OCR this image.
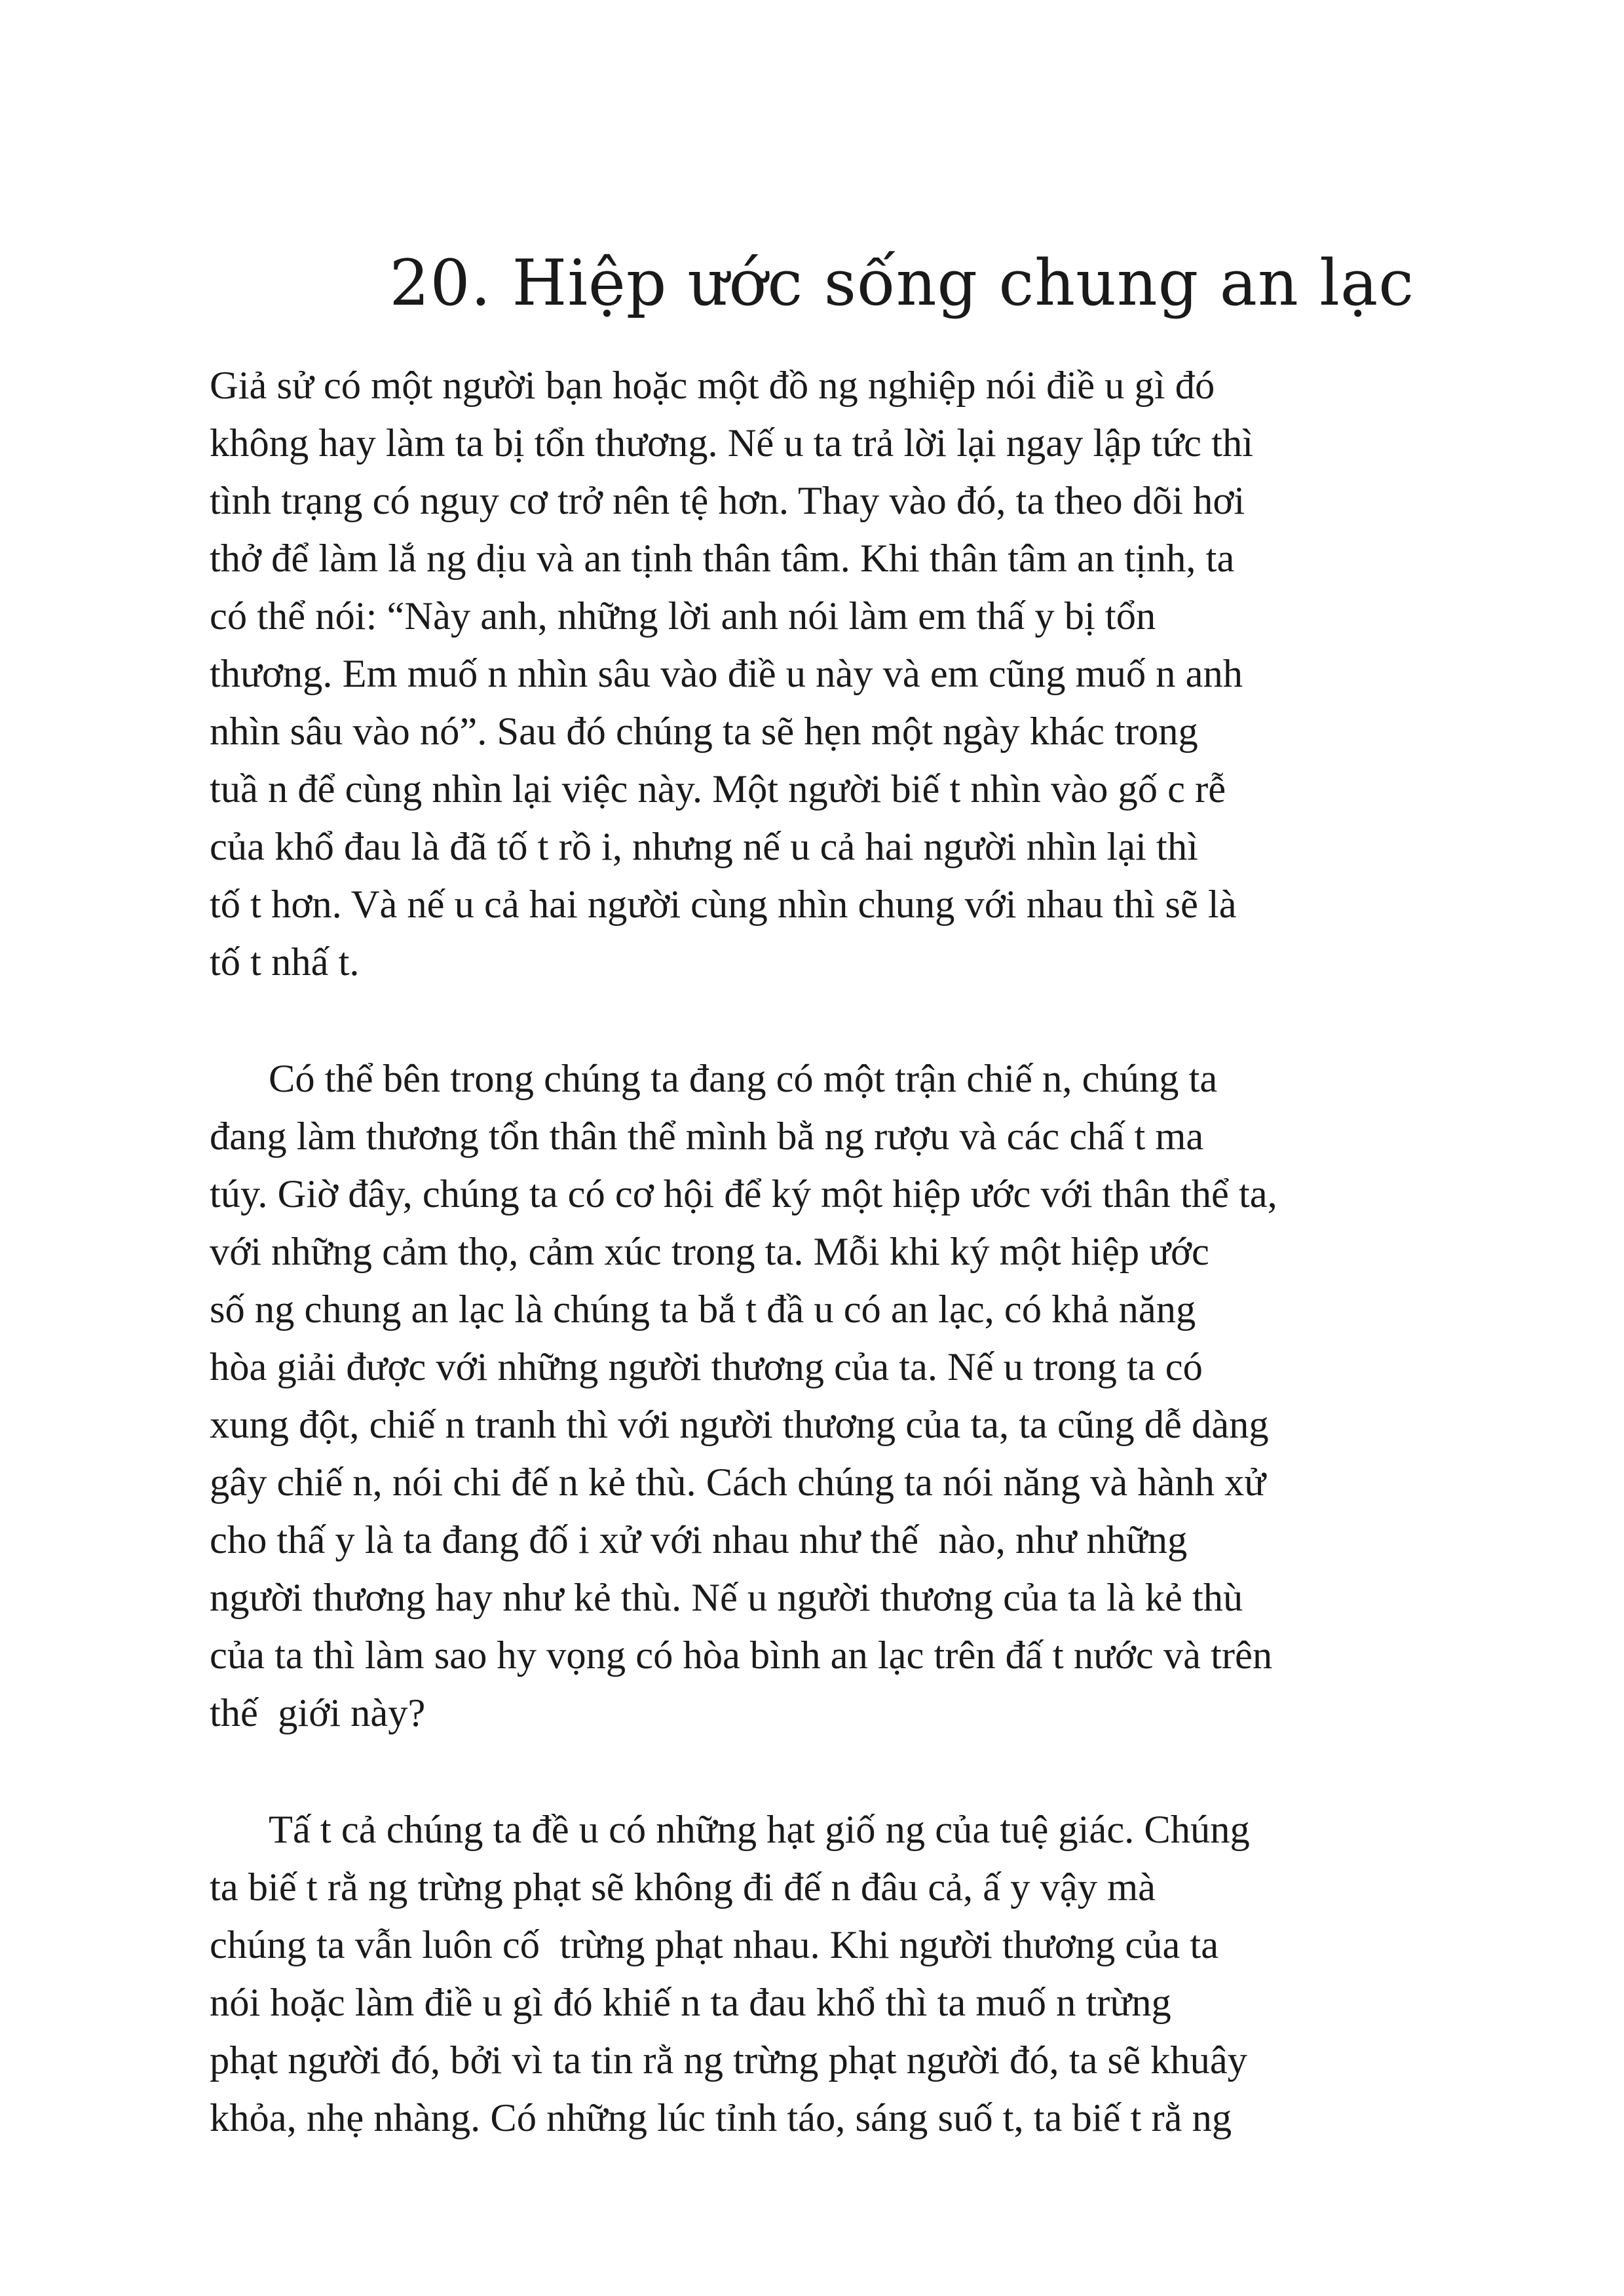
20. Hiệp ước sống chung an lạc
Giả sử có một người bạn hoặc một đồ ng nghiệp nói điề u gì đó
không hay làm ta bị tổn thương. Nế u ta trả lời lại ngay lập tức thì
tình trạng có nguy cơ trở nên tệ hơn. Thay vào đó, ta theo dõi hơi
thở để làm lắ ng dịu và an tịnh thân tâm. Khi thân tâm an tịnh, ta
có thể nói: “Này anh, những lời anh nói làm em thấ y bị tổn
thương. Em muố n nhìn sâu vào điề u này và em cũng muố n anh
nhìn sâu vào nó”. Sau đó chúng ta sẽ hẹn một ngày khác trong
tuầ n để cùng nhìn lại việc này. Một người biế t nhìn vào gố c rễ
của khổ đau là đã tố t rồ i, nhưng nế u cả hai người nhìn lại thì
tố t hơn. Và nế u cả hai người cùng nhìn chung với nhau thì sẽ là
tố t nhấ t.
Có thể bên trong chúng ta đang có một trận chiế n, chúng ta
đang làm thương tổn thân thể mình bằ ng rượu và các chấ t ma
túy. Giờ đây, chúng ta có cơ hội để ký một hiệp ước với thân thể ta,
với những cảm thọ, cảm xúc trong ta. Mỗi khi ký một hiệp ước
số ng chung an lạc là chúng ta bắ t đầ u có an lạc, có khả năng
hòa giải được với những người thương của ta. Nế u trong ta có
xung đột, chiế n tranh thì với người thương của ta, ta cũng dễ dàng
gây chiế n, nói chi đế n kẻ thù. Cách chúng ta nói năng và hành xử
cho thấ y là ta đang đố i xử với nhau như thế  nào, như những
người thương hay như kẻ thù. Nế u người thương của ta là kẻ thù
của ta thì làm sao hy vọng có hòa bình an lạc trên đấ t nước và trên
thế  giới này?
Tấ t cả chúng ta đề u có những hạt giố ng của tuệ giác. Chúng
ta biế t rằ ng trừng phạt sẽ không đi đế n đâu cả, ấ y vậy mà
chúng ta vẫn luôn cố  trừng phạt nhau. Khi người thương của ta
nói hoặc làm điề u gì đó khiế n ta đau khổ thì ta muố n trừng
phạt người đó, bởi vì ta tin rằ ng trừng phạt người đó, ta sẽ khuây
khỏa, nhẹ nhàng. Có những lúc tỉnh táo, sáng suố t, ta biế t rằ ng
